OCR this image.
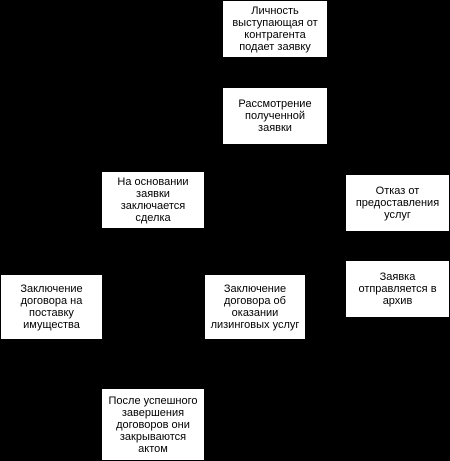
Личность
выступающая от
контрагента
подает заявку
Рассмотрение
полученной
заявки
На основании
заявки
заключается
сделка
Отказ от
предоставления
услуг
Заявка
отправляется в
архив
Заключение
договора на
поставку
имущества
Заключение
договора об
оказании
лизинговых услуг
После успешного
завершения
договоров они
закрываются
актом
